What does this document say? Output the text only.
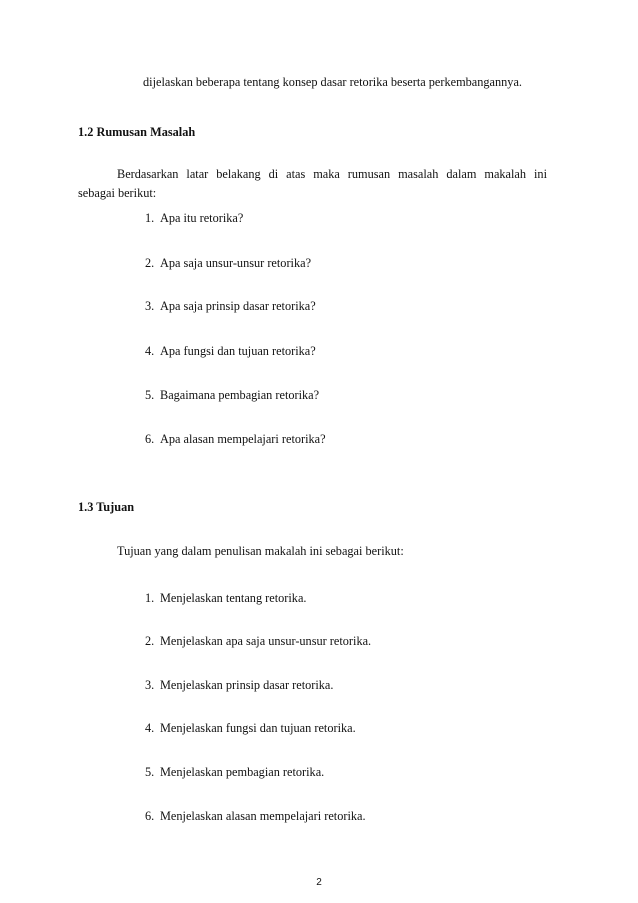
dijelaskan beberapa tentang konsep dasar retorika beserta perkembangannya.
1.2 Rumusan Masalah
Berdasarkan latar belakang di atas maka rumusan masalah dalam makalah ini
sebagai berikut:
1. Apa itu retorika?
2. Apa saja unsur-unsur retorika?
3. Apa saja prinsip dasar retorika?
4. Apa fungsi dan tujuan retorika?
5. Bagaimana pembagian retorika?
6. Apa alasan mempelajari retorika?
1.3 Tujuan
Tujuan yang dalam penulisan makalah ini sebagai berikut:
1. Menjelaskan tentang retorika.
2. Menjelaskan apa saja unsur-unsur retorika.
3. Menjelaskan prinsip dasar retorika.
4. Menjelaskan fungsi dan tujuan retorika.
5. Menjelaskan pembagian retorika.
6. Menjelaskan alasan mempelajari retorika.
2
